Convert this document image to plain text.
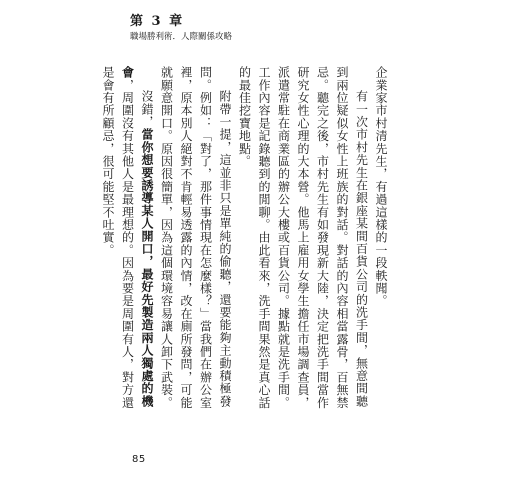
第 3 章
職場勝利術．人際關係攻略

企業家市村清先生，有過這樣的一段軼聞。

有一次市村先生在銀座某間百貨公司的洗手間，無意間聽到兩位疑似女性上班族的對話。對話的內容相當露骨，百無禁忌。聽完之後，市村先生有如發現新大陸，決定把洗手間當作研究女性心理的大本營。他馬上雇用女學生擔任市場調查員，派遣常駐在商業區的辦公大樓或百貨公司。據點就是洗手間。工作內容是記錄聽到的閒聊。由此看來，洗手間果然是真心話的最佳挖寶地點。

附帶一提，這並非只是單純的偷聽，還要能夠主動積極發問。例如：「對了，那件事情現在怎麼樣？」當我們在辦公室裡，原本別人絕對不肯輕易透露的內情，改在廁所發問，可能就願意開口。原因很簡單，因為這個環境容易讓人卸下武裝。

沒錯，當你想要誘導某人開口，最好先製造兩人獨處的機會，周圍沒有其他人是最理想的。因為要是周圍有人，對方還是會有所顧忌，很可能堅不吐實。

85
